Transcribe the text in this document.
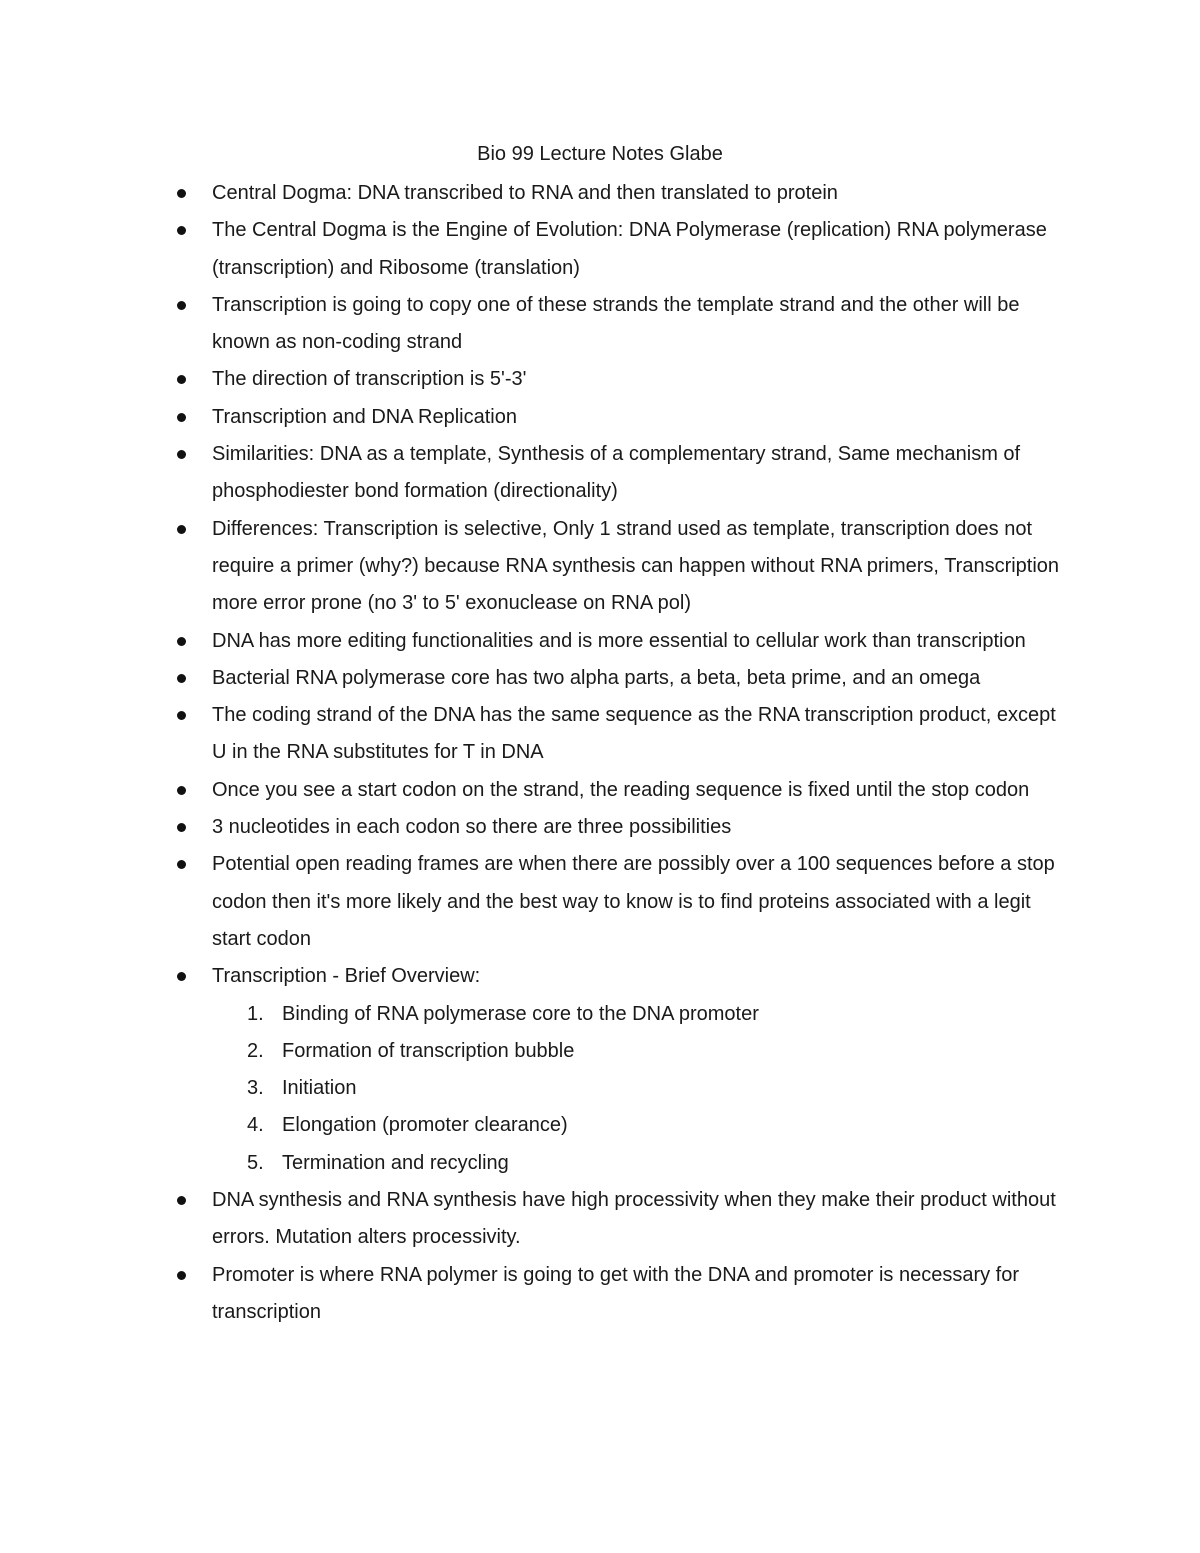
Bio 99 Lecture Notes Glabe
Central Dogma: DNA transcribed to RNA and then translated to protein
The Central Dogma is the Engine of Evolution: DNA Polymerase (replication) RNA polymerase (transcription) and Ribosome (translation)
Transcription is going to copy one of these strands the template strand and the other will be known as non-coding strand
The direction of transcription is 5'-3'
Transcription and DNA Replication
Similarities: DNA as a template, Synthesis of a complementary strand, Same mechanism of phosphodiester bond formation (directionality)
Differences: Transcription is selective, Only 1 strand used as template, transcription does not require a primer (why?) because RNA synthesis can happen without RNA primers, Transcription more error prone (no 3' to 5' exonuclease on RNA pol)
DNA has more editing functionalities and is more essential to cellular work than transcription
Bacterial RNA polymerase core has two alpha parts, a beta, beta prime, and an omega
The coding strand of the DNA has the same sequence as the RNA transcription product, except U in the RNA substitutes for T in DNA
Once you see a start codon on the strand, the reading sequence is fixed until the stop codon
3 nucleotides in each codon so there are three possibilities
Potential open reading frames are when there are possibly over a 100 sequences before a stop codon then it's more likely and the best way to know is to find proteins associated with a legit start codon
Transcription - Brief Overview:
1. Binding of RNA polymerase core to the DNA promoter
2. Formation of transcription bubble
3. Initiation
4. Elongation (promoter clearance)
5. Termination and recycling
DNA synthesis and RNA synthesis have high processivity when they make their product without errors. Mutation alters processivity.
Promoter is where RNA polymer is going to get with the DNA and promoter is necessary for transcription
